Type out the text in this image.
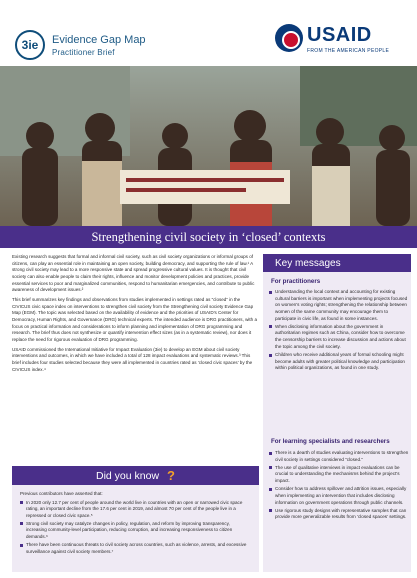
3ie Evidence Gap Map
Practitioner Brief
USAID
FROM THE AMERICAN PEOPLE
Strengthening civil society in ‘closed’ contexts

Existing research suggests that formal and informal civil society, such as civil society organizations or informal groups of citizens, can play an essential role in maintaining an open society, building democracy, and supporting the rule of law.¹ A strong civil society may lead to a more responsive state and spread progressive cultural values. It is thought that civil society can also enable people to claim their rights, influence and monitor development policies and practices, provide essential services to poor and marginalized communities, respond to humanitarian emergencies, and contribute to public awareness of development issues.²

This brief summarizes key findings and observations from studies implemented in settings rated as “closed” in the CIVICUS civic space index on interventions to strengthen civil society from the Strengthening civil society Evidence Gap Map (EGM). The topic was selected based on the availability of evidence and the priorities of USAID’s Center for Democracy, Human Rights, and Governance (DRG) technical experts. The intended audience is DRG practitioners, with a focus on practical information and considerations to inform planning and implementation of DRG programming and research. The brief thus does not synthesize or quantify intervention effect sizes (as in a systematic review), nor does it replace the need for rigorous evaluation of DRG programming.

USAID commissioned the International Initiative for Impact Evaluation (3ie) to develop an EGM about civil society interventions and outcomes, in which we have included a total of 128 impact evaluations and systematic reviews.³ This brief includes four studies selected because they were all implemented in countries rated as ‘closed civic spaces’ by the CIVICUS index.⁴

Key messages
For practitioners
Understanding the local context and accounting for existing cultural barriers is important when implementing projects focused on women’s voting rights; strengthening the relationship between women of the same community may encourage them to participate in civic life, as found in some instances.
When disclosing information about the government in authoritarian regimes such as China, consider how to overcome the censorship barriers to increase discussion and actions about the topic among the civil society.
Children who receive additional years of formal schooling might become adults with greater political knowledge and participation within political organizations, as found in one study.
For learning specialists and researchers
There is a dearth of studies evaluating interventions to strengthen civil society in settings considered “closed.”
The use of qualitative interviews in impact evaluations can be crucial to understanding the mechanisms behind the project’s impact.
Consider how to address spillover and attrition issues, especially when implementing an intervention that includes disclosing information on government operations through public channels.
Use rigorous study designs with representative samples that can provide more generalizable results from ‘closed spaces’ settings.
Did you know ?
Previous contributors have asserted that:
In 2020 only 12.7 per cent of people around the world live in countries with an open or narrowed civic space rating, an important decline from the 17.6 per cent in 2019, and almost 70 per cent of the people live in a repressed or closed civic space.⁵
Strong civil society may catalyze changes in policy, regulation, and reform by improving transparency, increasing community-level participation, reducing corruption, and increasing responsiveness to citizen demands.⁶
There have been continuous threats to civil society across countries, such as violence, arrests, and excessive surveillance against civil society members.⁷
